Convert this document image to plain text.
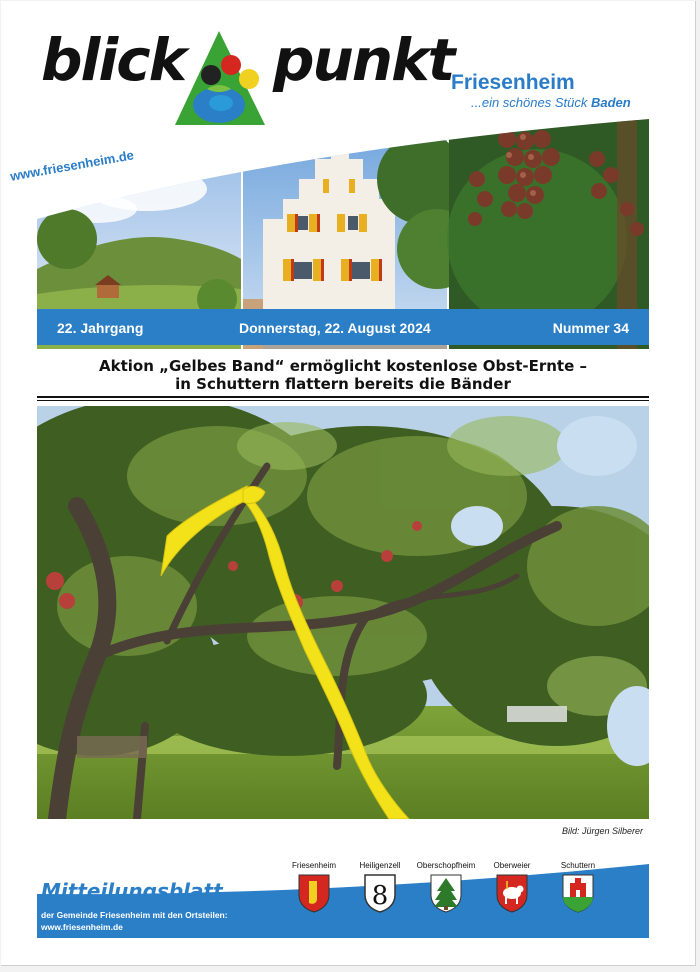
blick punkt
Friesenheim
...ein schönes Stück Baden
www.friesenheim.de
22. Jahrgang	Donnerstag, 22. August 2024	Nummer 34
Aktion „Gelbes Band“ ermöglicht kostenlose Obst-Ernte –
in Schuttern flattern bereits die Bänder
Bild: Jürgen Silberer
Mitteilungsblatt
der Gemeinde Friesenheim mit den Ortsteilen:
www.friesenheim.de
Friesenheim	Heiligenzell
8
Oberschopfheim	Oberweier	Schuttern
